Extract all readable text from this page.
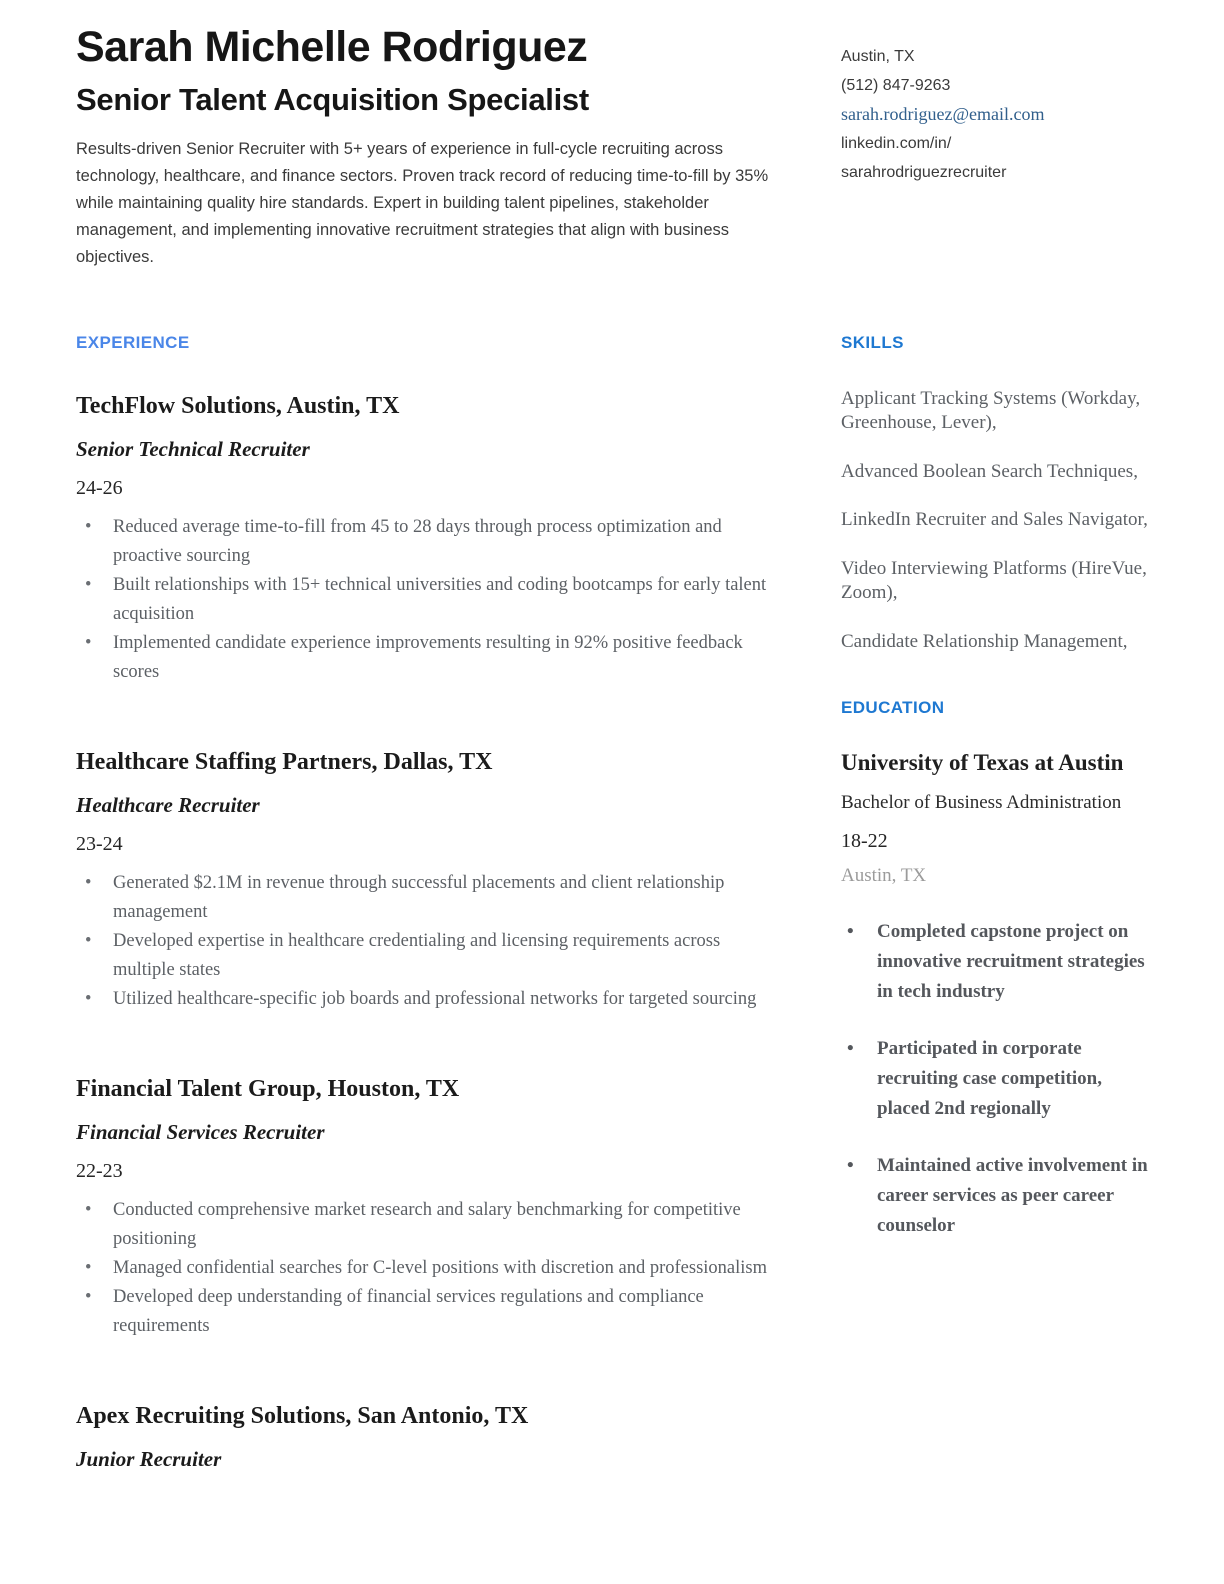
Sarah Michelle Rodriguez
Senior Talent Acquisition Specialist

Results-driven Senior Recruiter with 5+ years of experience in full-cycle recruiting across technology, healthcare, and finance sectors. Proven track record of reducing time-to-fill by 35% while maintaining quality hire standards. Expert in building talent pipelines, stakeholder management, and implementing innovative recruitment strategies that align with business objectives.

Austin, TX
(512) 847-9263
sarah.rodriguez@email.com
linkedin.com/in/
sarahrodriguezrecruiter
EXPERIENCE
TechFlow Solutions, Austin, TX
Senior Technical Recruiter
24-26
• Reduced average time-to-fill from 45 to 28 days through process optimization and proactive sourcing
• Built relationships with 15+ technical universities and coding bootcamps for early talent acquisition
• Implemented candidate experience improvements resulting in 92% positive feedback scores
Healthcare Staffing Partners, Dallas, TX
Healthcare Recruiter
23-24
• Generated $2.1M in revenue through successful placements and client relationship management
• Developed expertise in healthcare credentialing and licensing requirements across multiple states
• Utilized healthcare-specific job boards and professional networks for targeted sourcing
Financial Talent Group, Houston, TX
Financial Services Recruiter
22-23
• Conducted comprehensive market research and salary benchmarking for competitive positioning
• Managed confidential searches for C-level positions with discretion and professionalism
• Developed deep understanding of financial services regulations and compliance requirements
Apex Recruiting Solutions, San Antonio, TX
Junior Recruiter
SKILLS
Applicant Tracking Systems (Workday, Greenhouse, Lever),
Advanced Boolean Search Techniques,
LinkedIn Recruiter and Sales Navigator,
Video Interviewing Platforms (HireVue, Zoom),
Candidate Relationship Management,
EDUCATION
University of Texas at Austin
Bachelor of Business Administration
18-22
Austin, TX
• Completed capstone project on innovative recruitment strategies in tech industry
• Participated in corporate recruiting case competition, placed 2nd regionally
• Maintained active involvement in career services as peer career counselor
